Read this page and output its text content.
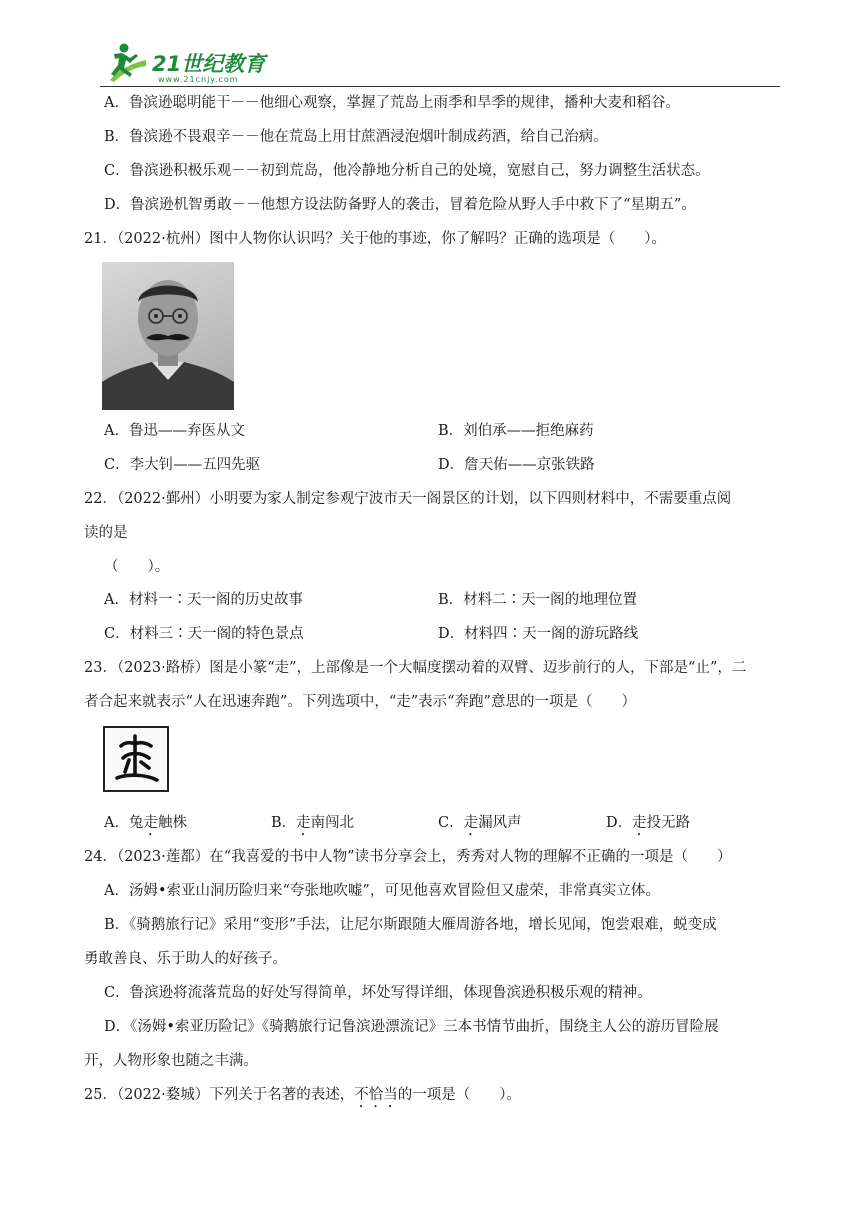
21世纪教育
www.21cnjy.com
A．鲁滨逊聪明能干－－他细心观察，掌握了荒岛上雨季和旱季的规律，播种大麦和稻谷。
B．鲁滨逊不畏艰辛－－他在荒岛上用甘蔗酒浸泡烟叶制成药酒，给自己治病。
C．鲁滨逊积极乐观－－初到荒岛，他冷静地分析自己的处境，宽慰自己，努力调整生活状态。
D．鲁滨逊机智勇敢－－他想方设法防备野人的袭击，冒着危险从野人手中救下了“星期五”。
21．（2022·杭州）图中人物你认识吗？关于他的事迹，你了解吗？正确的选项是（　　）。
A．鲁迅——弃医从文	B．刘伯承——拒绝麻药
C．李大钊——五四先驱	D．詹天佑——京张铁路
22．（2022·鄞州）小明要为家人制定参观宁波市天一阁景区的计划，以下四则材料中，不需要重点阅
读的是
（　　）。
A．材料一∶天一阁的历史故事	B．材料二∶天一阁的地理位置
C．材料三∶天一阁的特色景点	D．材料四∶天一阁的游玩路线
23．（2023·路桥）图是小篆“走”，上部像是一个大幅度摆动着的双臂、迈步前行的人，下部是“止”，二
者合起来就表示“人在迅速奔跑”。下列选项中，“走”表示“奔跑”意思的一项是（　　）
A．兔走触株	B．走南闯北	C．走漏风声	D．走投无路
24．（2023·莲都）在“我喜爱的书中人物”读书分享会上，秀秀对人物的理解不正确的一项是（　　）
A．汤姆•索亚山洞历险归来“夸张地吹嘘”，可见他喜欢冒险但又虚荣，非常真实立体。
B．《骑鹅旅行记》采用“变形”手法，让尼尔斯跟随大雁周游各地，增长见闻，饱尝艰难，蜕变成
勇敢善良、乐于助人的好孩子。
C．鲁滨逊将流落荒岛的好处写得简单，坏处写得详细，体现鲁滨逊积极乐观的精神。
D．《汤姆•索亚历险记》《骑鹅旅行记鲁滨逊漂流记》三本书情节曲折，围绕主人公的游历冒险展
开，人物形象也随之丰满。
25．（2022·婺城）下列关于名著的表述，不恰当的一项是（　　）。
